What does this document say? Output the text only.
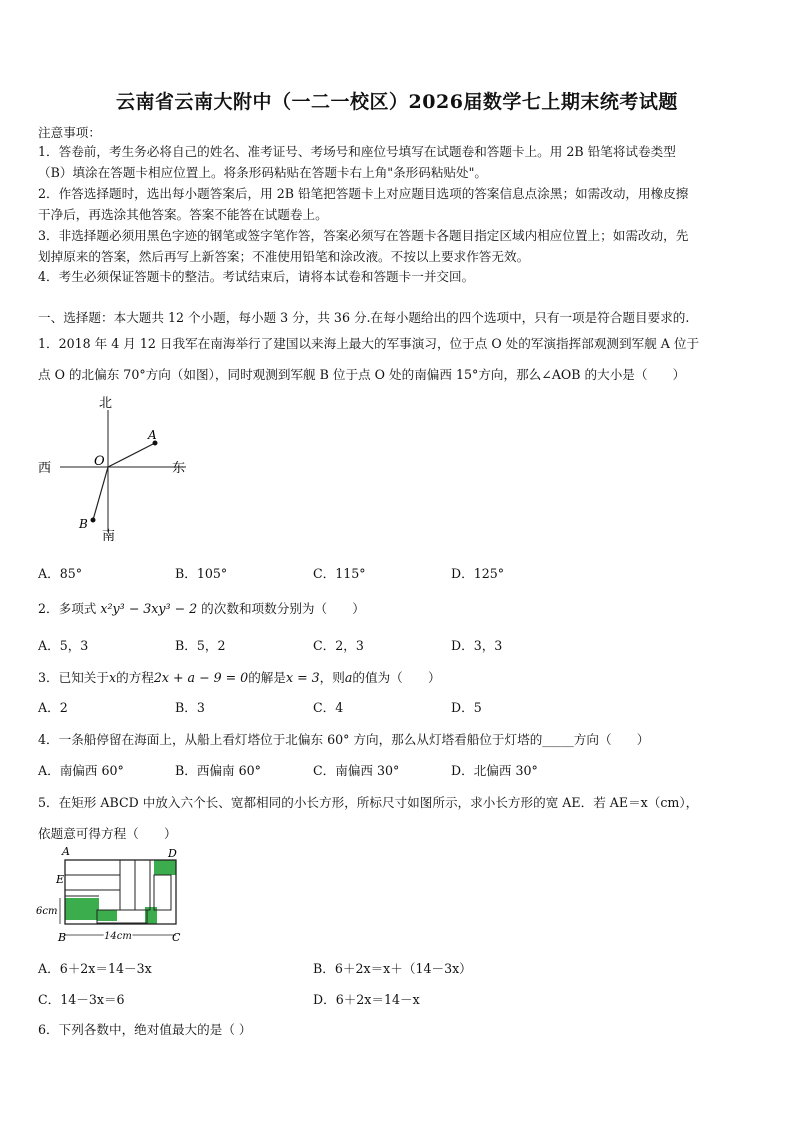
云南省云南大附中（一二一校区）2026届数学七上期末统考试题
注意事项：
1．答卷前，考生务必将自己的姓名、准考证号、考场号和座位号填写在试题卷和答题卡上。用 2B 铅笔将试卷类型
（B）填涂在答题卡相应位置上。将条形码粘贴在答题卡右上角"条形码粘贴处"。
2．作答选择题时，选出每小题答案后，用 2B 铅笔把答题卡上对应题目选项的答案信息点涂黑；如需改动，用橡皮擦
干净后，再选涂其他答案。答案不能答在试题卷上。
3．非选择题必须用黑色字迹的钢笔或签字笔作答，答案必须写在答题卡各题目指定区域内相应位置上；如需改动，先
划掉原来的答案，然后再写上新答案；不准使用铅笔和涂改液。不按以上要求作答无效。
4．考生必须保证答题卡的整洁。考试结束后，请将本试卷和答题卡一并交回。
一、选择题：本大题共 12 个小题，每小题 3 分，共 36 分.在每小题给出的四个选项中，只有一项是符合题目要求的.
1．2018 年 4 月 12 日我军在南海举行了建国以来海上最大的军事演习，位于点 O 处的军演指挥部观测到军舰 A 位于
点 O 的北偏东 70°方向（如图），同时观测到军舰 B 位于点 O 处的南偏西 15°方向，那么∠AOB 的大小是（　　）
北
南
西	东
O
A
B
A．85°	B．105°	C．115°	D．125°
2．多项式 x²y³ − 3xy³ − 2 的次数和项数分别为（　　）
A．5，3	B．5，2	C．2，3	D．3，3
3．已知关于x的方程2x + a − 9 = 0的解是x = 3，则a的值为（　　）
A．2	B．3	C．4	D．5
4．一条船停留在海面上，从船上看灯塔位于北偏东 60° 方向，那么从灯塔看船位于灯塔的_____方向（　　）
A．南偏西 60°	B．西偏南 60°	C．南偏西 30°	D．北偏西 30°
5．在矩形 ABCD 中放入六个长、宽都相同的小长方形，所标尺寸如图所示，求小长方形的宽 AE．若 AE＝x（cm），
依题意可得方程（　　）
A	D
E
B	C
6cm
14cm
A．6＋2x＝14－3x	B．6＋2x＝x＋（14－3x）
C．14－3x＝6	D．6＋2x＝14－x
6．下列各数中，绝对值最大的是（ ）
